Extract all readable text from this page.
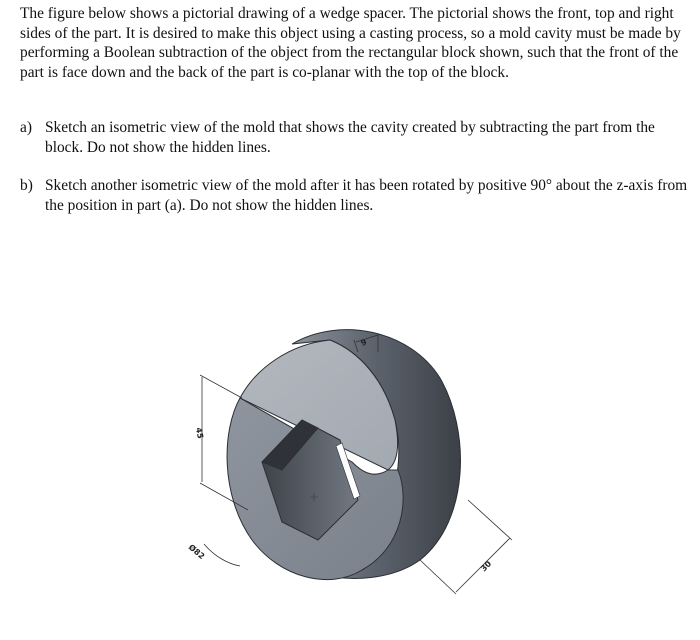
The figure below shows a pictorial drawing of a wedge spacer. The pictorial shows the front, top and right sides of the part. It is desired to make this object using a casting process, so a mold cavity must be made by performing a Boolean subtraction of the object from the rectangular block shown, such that the front of the part is face down and the back of the part is co-planar with the top of the block.

a) Sketch an isometric view of the mold that shows the cavity created by subtracting the part from the block. Do not show the hidden lines.
b) Sketch another isometric view of the mold after it has been rotated by positive 90° about the z-axis from the position in part (a). Do not show the hidden lines.
45
Ø82
9
30
